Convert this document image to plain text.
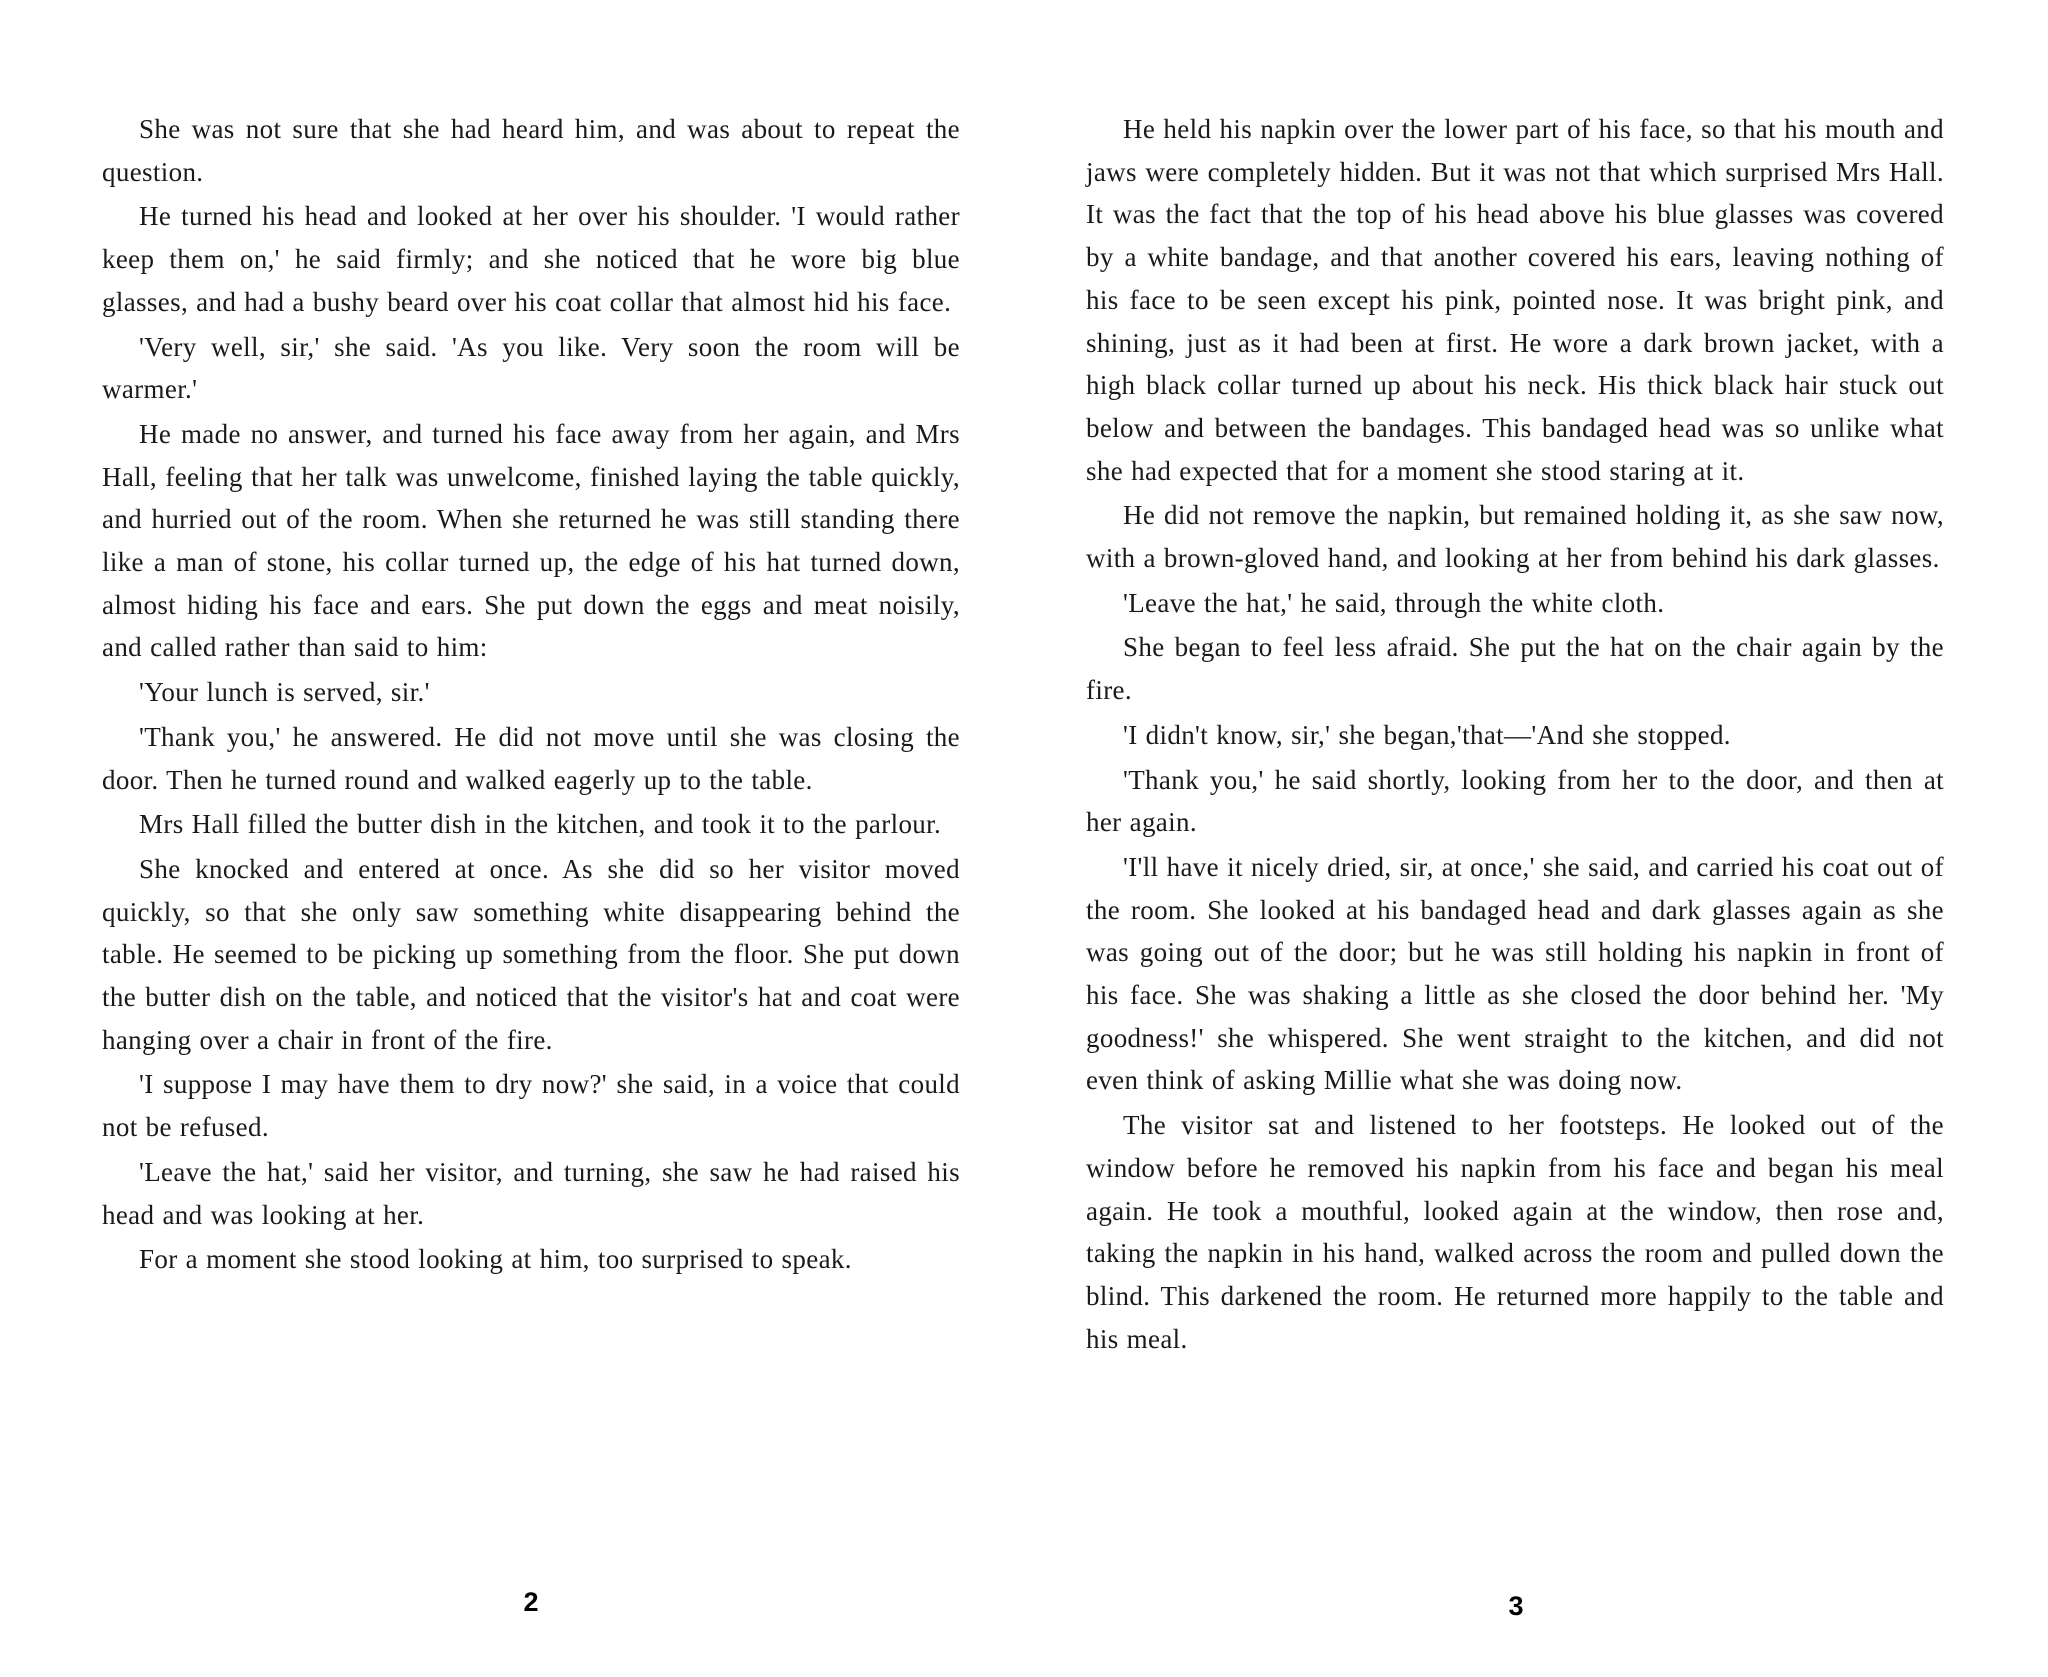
She was not sure that she had heard him, and was about to repeat the question.

He turned his head and looked at her over his shoulder. 'I would rather keep them on,' he said firmly; and she noticed that he wore big blue glasses, and had a bushy beard over his coat collar that almost hid his face.

'Very well, sir,' she said. 'As you like. Very soon the room will be warmer.'

He made no answer, and turned his face away from her again, and Mrs Hall, feeling that her talk was unwelcome, finished laying the table quickly, and hurried out of the room. When she returned he was still standing there like a man of stone, his collar turned up, the edge of his hat turned down, almost hiding his face and ears. She put down the eggs and meat noisily, and called rather than said to him:

'Your lunch is served, sir.'

'Thank you,' he answered. He did not move until she was closing the door. Then he turned round and walked eagerly up to the table.

Mrs Hall filled the butter dish in the kitchen, and took it to the parlour.

She knocked and entered at once. As she did so her visitor moved quickly, so that she only saw something white disappearing behind the table. He seemed to be picking up something from the floor. She put down the butter dish on the table, and noticed that the visitor's hat and coat were hanging over a chair in front of the fire.

'I suppose I may have them to dry now?' she said, in a voice that could not be refused.

'Leave the hat,' said her visitor, and turning, she saw he had raised his head and was looking at her.

For a moment she stood looking at him, too surprised to speak.

He held his napkin over the lower part of his face, so that his mouth and jaws were completely hidden. But it was not that which surprised Mrs Hall. It was the fact that the top of his head above his blue glasses was covered by a white bandage, and that another covered his ears, leaving nothing of his face to be seen except his pink, pointed nose. It was bright pink, and shining, just as it had been at first. He wore a dark brown jacket, with a high black collar turned up about his neck. His thick black hair stuck out below and between the bandages. This bandaged head was so unlike what she had expected that for a moment she stood staring at it.

He did not remove the napkin, but remained holding it, as she saw now, with a brown-gloved hand, and looking at her from behind his dark glasses.

'Leave the hat,' he said, through the white cloth.

She began to feel less afraid. She put the hat on the chair again by the fire.

'I didn't know, sir,' she began,'that—'And she stopped.

'Thank you,' he said shortly, looking from her to the door, and then at her again.

'I'll have it nicely dried, sir, at once,' she said, and carried his coat out of the room. She looked at his bandaged head and dark glasses again as she was going out of the door; but he was still holding his napkin in front of his face. She was shaking a little as she closed the door behind her. 'My goodness!' she whispered. She went straight to the kitchen, and did not even think of asking Millie what she was doing now.

The visitor sat and listened to her footsteps. He looked out of the window before he removed his napkin from his face and began his meal again. He took a mouthful, looked again at the window, then rose and, taking the napkin in his hand, walked across the room and pulled down the blind. This darkened the room. He returned more happily to the table and his meal.

2	3
